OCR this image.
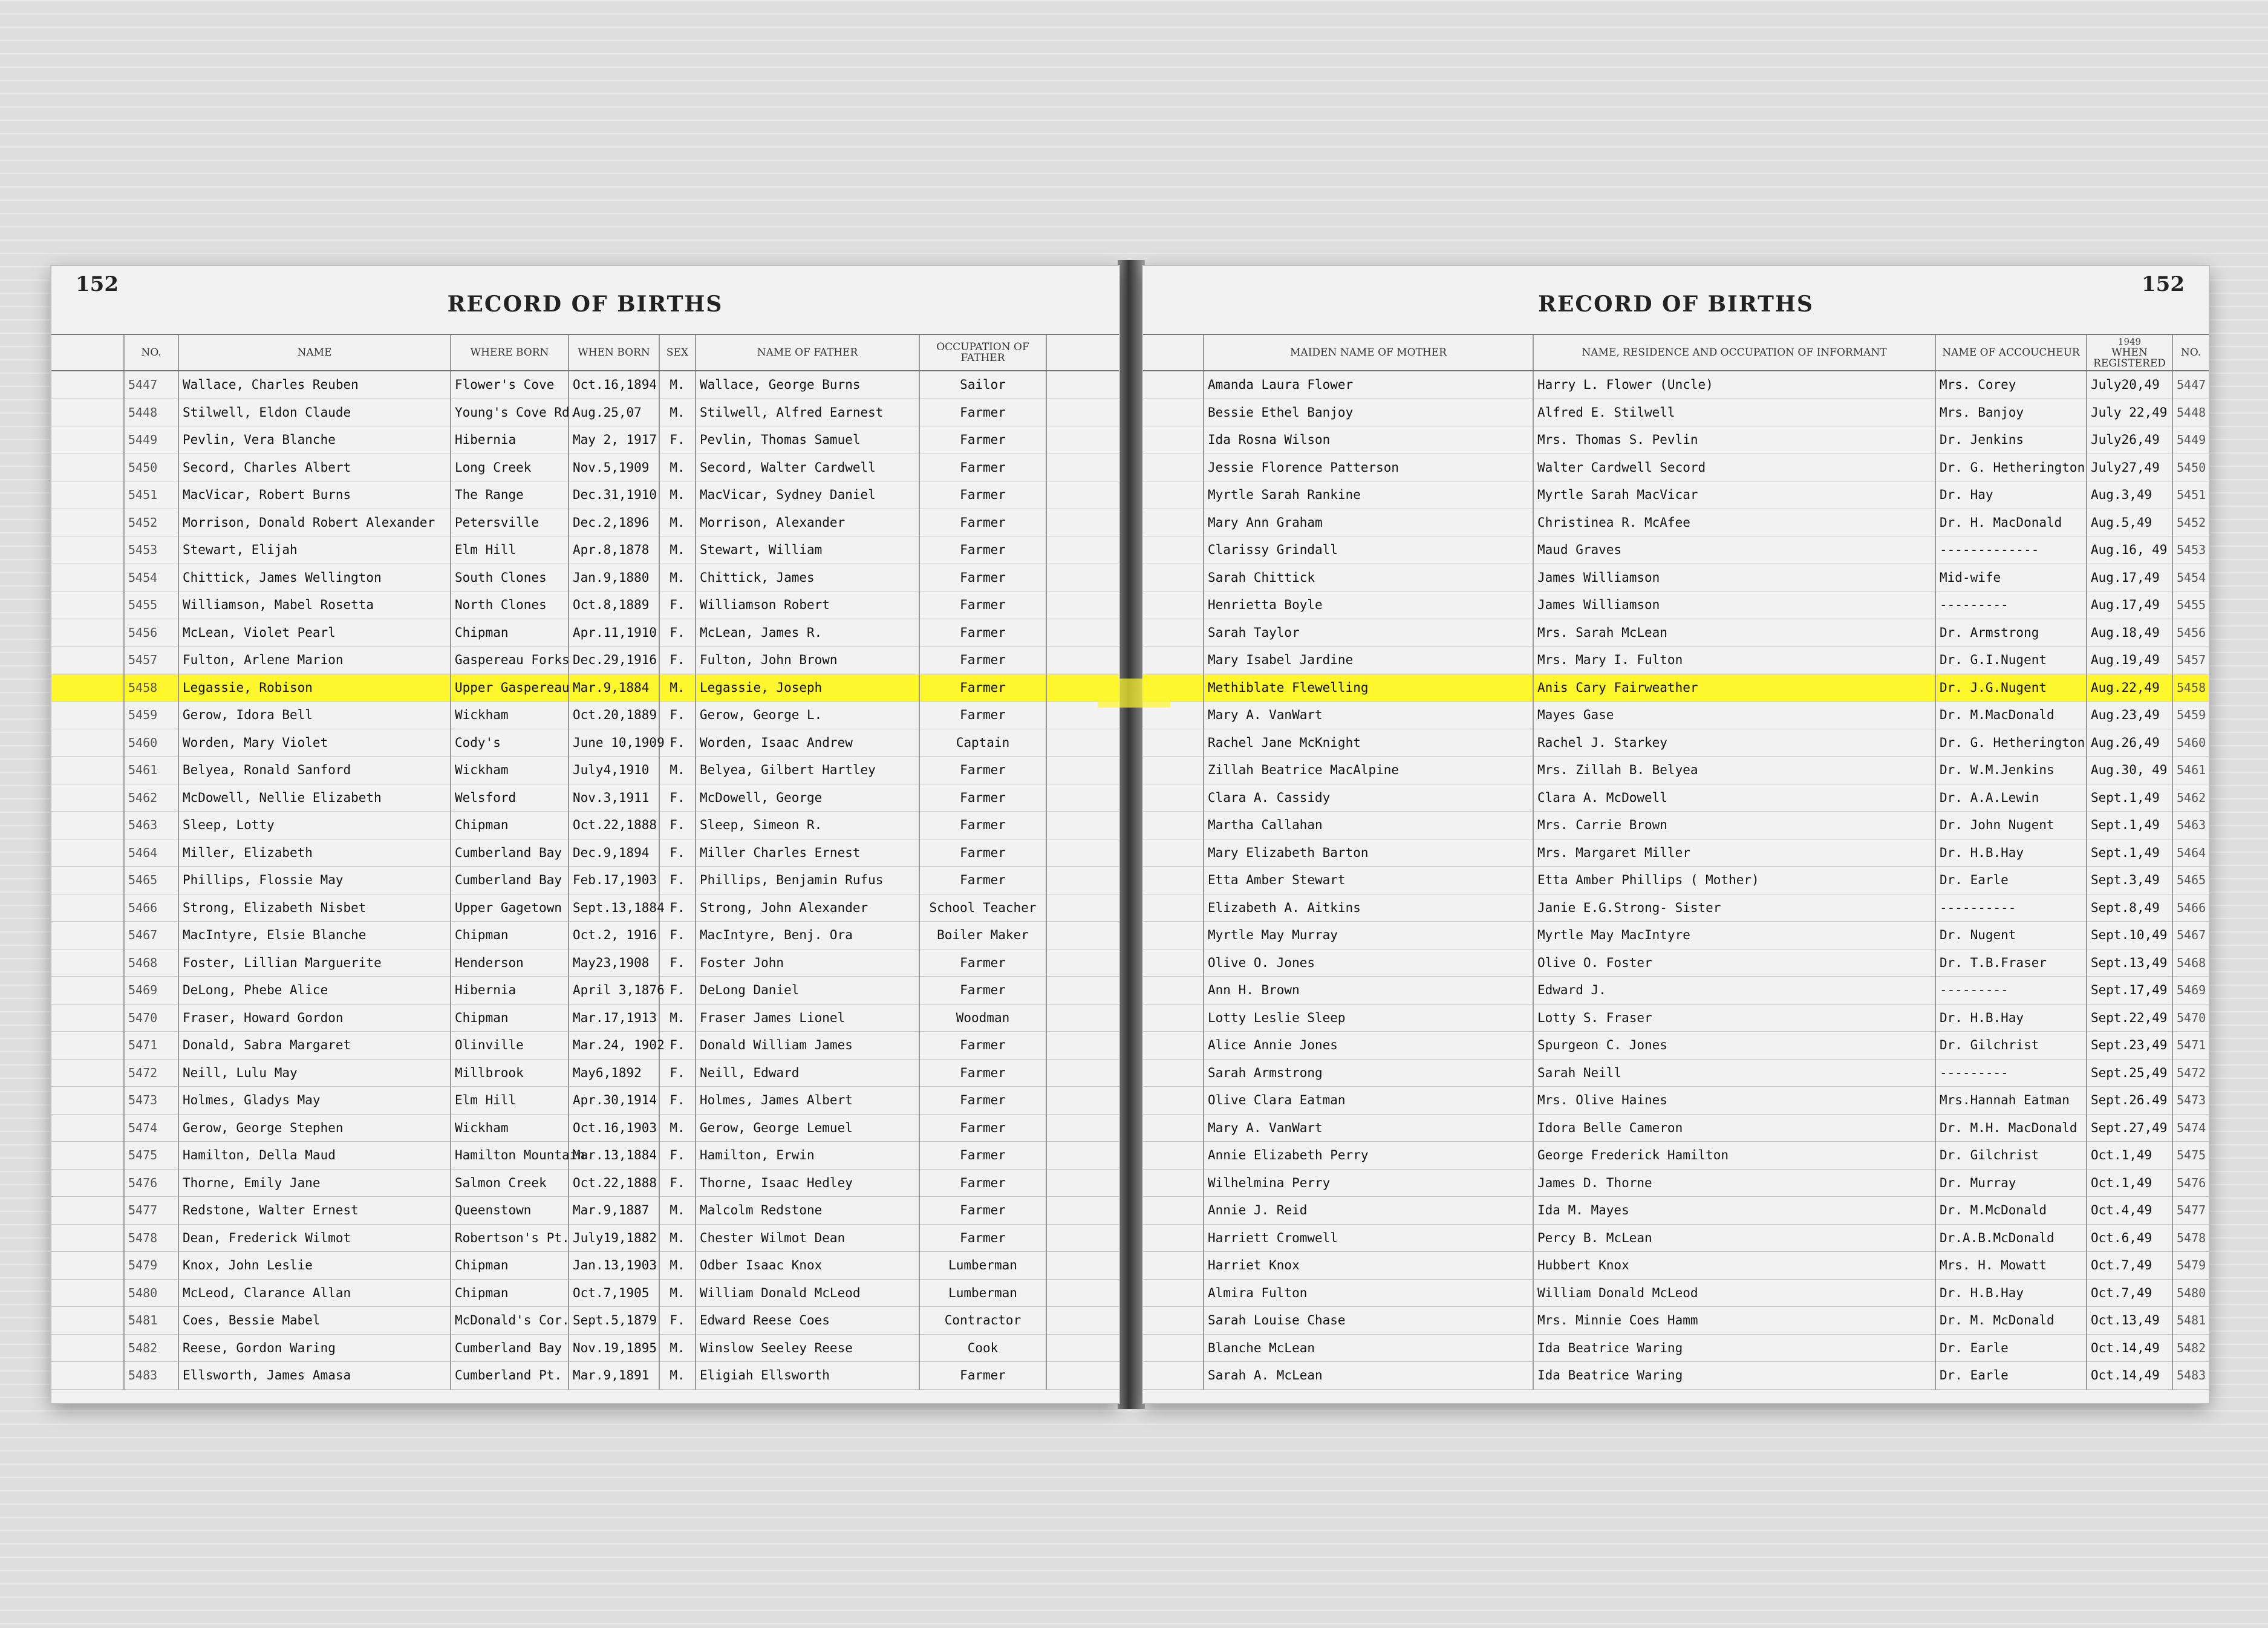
152
RECORD OF BIRTHS
	NO.	NAME	WHERE BORN	WHEN BORN	SEX	NAME OF FATHER	OCCUPATION OF FATHER	
	5447	Wallace, Charles Reuben	Flower's Cove	Oct.16,1894	M.	Wallace, George Burns	Sailor	
	5448	Stilwell, Eldon Claude	Young's Cove Rd.	Aug.25,07	M.	Stilwell, Alfred Earnest	Farmer	
	5449	Pevlin, Vera Blanche	Hibernia	May 2, 1917	F.	Pevlin, Thomas Samuel	Farmer	
	5450	Secord, Charles Albert	Long Creek	Nov.5,1909	M.	Secord, Walter Cardwell	Farmer	
	5451	MacVicar, Robert Burns	The Range	Dec.31,1910	M.	MacVicar, Sydney Daniel	Farmer	
	5452	Morrison, Donald Robert Alexander	Petersville	Dec.2,1896	M.	Morrison, Alexander	Farmer	
	5453	Stewart, Elijah	Elm Hill	Apr.8,1878	M.	Stewart, William	Farmer	
	5454	Chittick, James Wellington	South Clones	Jan.9,1880	M.	Chittick, James	Farmer	
	5455	Williamson, Mabel Rosetta	North Clones	Oct.8,1889	F.	Williamson Robert	Farmer	
	5456	McLean, Violet Pearl	Chipman	Apr.11,1910	F.	McLean, James R.	Farmer	
	5457	Fulton, Arlene Marion	Gaspereau Forks	Dec.29,1916	F.	Fulton, John Brown	Farmer	
	5458	Legassie, Robison	Upper Gaspereau	Mar.9,1884	M.	Legassie, Joseph	Farmer	
	5459	Gerow, Idora Bell	Wickham	Oct.20,1889	F.	Gerow, George L.	Farmer	
	5460	Worden, Mary Violet	Cody's	June 10,1909	F.	Worden, Isaac Andrew	Captain	
	5461	Belyea, Ronald Sanford	Wickham	July4,1910	M.	Belyea, Gilbert Hartley	Farmer	
	5462	McDowell, Nellie Elizabeth	Welsford	Nov.3,1911	F.	McDowell, George	Farmer	
	5463	Sleep, Lotty	Chipman	Oct.22,1888	F.	Sleep, Simeon R.	Farmer	
	5464	Miller, Elizabeth	Cumberland Bay	Dec.9,1894	F.	Miller Charles Ernest	Farmer	
	5465	Phillips, Flossie May	Cumberland Bay	Feb.17,1903	F.	Phillips, Benjamin Rufus	Farmer	
	5466	Strong, Elizabeth Nisbet	Upper Gagetown	Sept.13,1884	F.	Strong, John Alexander	School Teacher	
	5467	MacIntyre, Elsie Blanche	Chipman	Oct.2, 1916	F.	MacIntyre, Benj. Ora	Boiler Maker	
	5468	Foster, Lillian Marguerite	Henderson	May23,1908	F.	Foster John	Farmer	
	5469	DeLong, Phebe Alice	Hibernia	April 3,1876	F.	DeLong Daniel	Farmer	
	5470	Fraser, Howard Gordon	Chipman	Mar.17,1913	M.	Fraser James Lionel	Woodman	
	5471	Donald, Sabra Margaret	Olinville	Mar.24, 1902	F.	Donald William James	Farmer	
	5472	Neill, Lulu May	Millbrook	May6,1892	F.	Neill, Edward	Farmer	
	5473	Holmes, Gladys May	Elm Hill	Apr.30,1914	F.	Holmes, James Albert	Farmer	
	5474	Gerow, George Stephen	Wickham	Oct.16,1903	M.	Gerow, George Lemuel	Farmer	
	5475	Hamilton, Della Maud	Hamilton Mountain	Mar.13,1884	F.	Hamilton, Erwin	Farmer	
	5476	Thorne, Emily Jane	Salmon Creek	Oct.22,1888	F.	Thorne, Isaac Hedley	Farmer	
	5477	Redstone, Walter Ernest	Queenstown	Mar.9,1887	M.	Malcolm Redstone	Farmer	
	5478	Dean, Frederick Wilmot	Robertson's Pt.	July19,1882	M.	Chester Wilmot Dean	Farmer	
	5479	Knox, John Leslie	Chipman	Jan.13,1903	M.	Odber Isaac Knox	Lumberman	
	5480	McLeod, Clarance Allan	Chipman	Oct.7,1905	M.	William Donald McLeod	Lumberman	
	5481	Coes, Bessie Mabel	McDonald's Cor.	Sept.5,1879	F.	Edward Reese Coes	Contractor	
	5482	Reese, Gordon Waring	Cumberland Bay	Nov.19,1895	M.	Winslow Seeley Reese	Cook	
	5483	Ellsworth, James Amasa	Cumberland Pt.	Mar.9,1891	M.	Eligiah Ellsworth	Farmer	
152
RECORD OF BIRTHS
	MAIDEN NAME OF MOTHER	NAME, RESIDENCE AND OCCUPATION OF INFORMANT	NAME OF ACCOUCHEUR	1949
WHEN REGISTERED	NO.
	Amanda Laura Flower	Harry L. Flower (Uncle)	Mrs. Corey	July20,49	5447
	Bessie Ethel Banjoy	Alfred E. Stilwell	Mrs. Banjoy	July 22,49	5448
	Ida Rosna Wilson	Mrs. Thomas S. Pevlin	Dr. Jenkins	July26,49	5449
	Jessie Florence Patterson	Walter Cardwell Secord	Dr. G. Hetherington	July27,49	5450
	Myrtle Sarah Rankine	Myrtle Sarah MacVicar	Dr. Hay	Aug.3,49	5451
	Mary Ann Graham	Christinea R. McAfee	Dr. H. MacDonald	Aug.5,49	5452
	Clarissy Grindall	Maud Graves	-------------	Aug.16, 49	5453
	Sarah Chittick	James Williamson	Mid-wife	Aug.17,49	5454
	Henrietta Boyle	James Williamson	---------	Aug.17,49	5455
	Sarah Taylor	Mrs. Sarah McLean	Dr. Armstrong	Aug.18,49	5456
	Mary Isabel Jardine	Mrs. Mary I. Fulton	Dr. G.I.Nugent	Aug.19,49	5457
	Methiblate Flewelling	Anis Cary Fairweather	Dr. J.G.Nugent	Aug.22,49	5458
	Mary A. VanWart	Mayes Gase	Dr. M.MacDonald	Aug.23,49	5459
	Rachel Jane McKnight	Rachel J. Starkey	Dr. G. Hetherington	Aug.26,49	5460
	Zillah Beatrice MacAlpine	Mrs. Zillah B. Belyea	Dr. W.M.Jenkins	Aug.30, 49	5461
	Clara A. Cassidy	Clara A. McDowell	Dr. A.A.Lewin	Sept.1,49	5462
	Martha Callahan	Mrs. Carrie Brown	Dr. John Nugent	Sept.1,49	5463
	Mary Elizabeth Barton	Mrs. Margaret Miller	Dr. H.B.Hay	Sept.1,49	5464
	Etta Amber Stewart	Etta Amber Phillips ( Mother)	Dr. Earle	Sept.3,49	5465
	Elizabeth A. Aitkins	Janie E.G.Strong- Sister	----------	Sept.8,49	5466
	Myrtle May Murray	Myrtle May MacIntyre	Dr. Nugent	Sept.10,49	5467
	Olive O. Jones	Olive O. Foster	Dr. T.B.Fraser	Sept.13,49	5468
	Ann H. Brown	Edward J.	---------	Sept.17,49	5469
	Lotty Leslie Sleep	Lotty S. Fraser	Dr. H.B.Hay	Sept.22,49	5470
	Alice Annie Jones	Spurgeon C. Jones	Dr. Gilchrist	Sept.23,49	5471
	Sarah Armstrong	Sarah Neill	---------	Sept.25,49	5472
	Olive Clara Eatman	Mrs. Olive Haines	Mrs.Hannah Eatman	Sept.26.49	5473
	Mary A. VanWart	Idora Belle Cameron	Dr. M.H. MacDonald	Sept.27,49	5474
	Annie Elizabeth Perry	George Frederick Hamilton	Dr. Gilchrist	Oct.1,49	5475
	Wilhelmina Perry	James D. Thorne	Dr. Murray	Oct.1,49	5476
	Annie J. Reid	Ida M. Mayes	Dr. M.McDonald	Oct.4,49	5477
	Harriett Cromwell	Percy B. McLean	Dr.A.B.McDonald	Oct.6,49	5478
	Harriet Knox	Hubbert Knox	Mrs. H. Mowatt	Oct.7,49	5479
	Almira Fulton	William Donald McLeod	Dr. H.B.Hay	Oct.7,49	5480
	Sarah Louise Chase	Mrs. Minnie Coes Hamm	Dr. M. McDonald	Oct.13,49	5481
	Blanche McLean	Ida Beatrice Waring	Dr. Earle	Oct.14,49	5482
	Sarah A. McLean	Ida Beatrice Waring	Dr. Earle	Oct.14,49	5483
